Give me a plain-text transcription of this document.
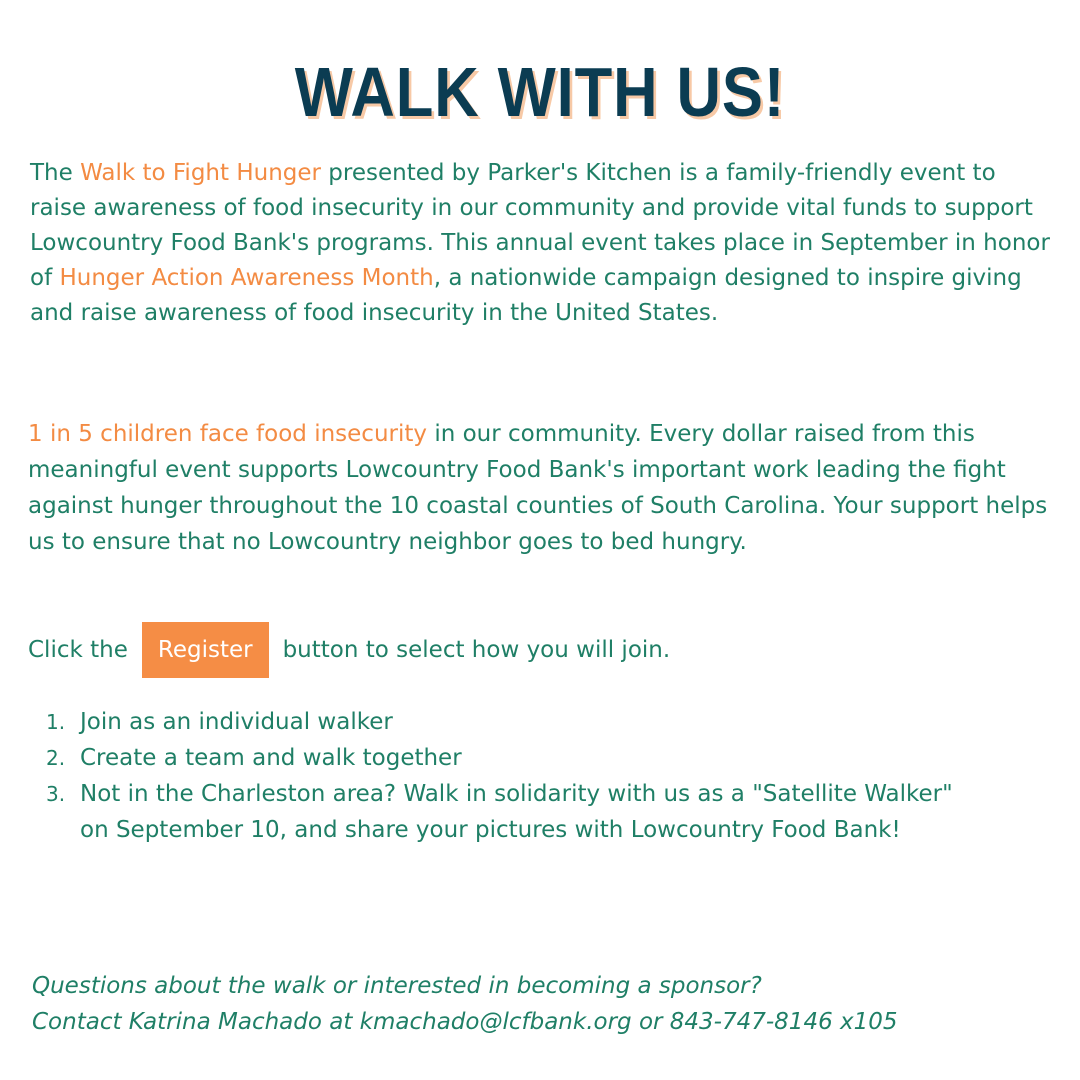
WALK WITH US!
The Walk to Fight Hunger presented by Parker's Kitchen is a family-friendly event to raise awareness of food insecurity in our community and provide vital funds to support Lowcountry Food Bank's programs. This annual event takes place in September in honor of Hunger Action Awareness Month, a nationwide campaign designed to inspire giving and raise awareness of food insecurity in the United States.
1 in 5 children face food insecurity in our community. Every dollar raised from this meaningful event supports Lowcountry Food Bank's important work leading the fight against hunger throughout the 10 coastal counties of South Carolina. Your support helps us to ensure that no Lowcountry neighbor goes to bed hungry.
Click the	Register	button to select how you will join.
1. Join as an individual walker
2. Create a team and walk together
3. Not in the Charleston area? Walk in solidarity with us as a "Satellite Walker" on September 10, and share your pictures with Lowcountry Food Bank!
Questions about the walk or interested in becoming a sponsor?
Contact Katrina Machado at kmachado@lcfbank.org or 843-747-8146 x105
